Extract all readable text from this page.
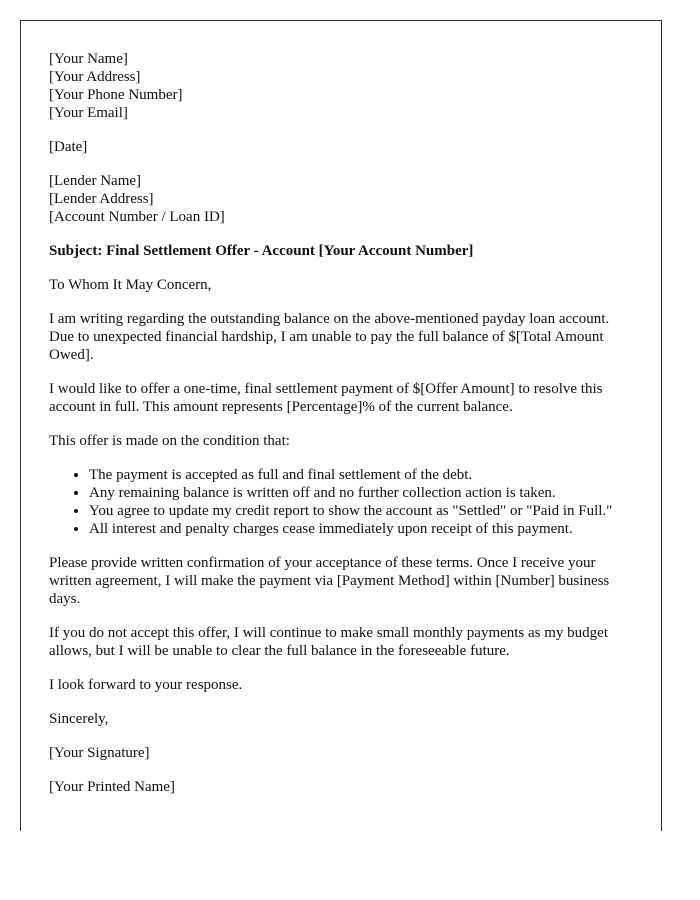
[Your Name]
[Your Address]
[Your Phone Number]
[Your Email]

[Date]

[Lender Name]
[Lender Address]
[Account Number / Loan ID]

Subject: Final Settlement Offer - Account [Your Account Number]

To Whom It May Concern,

I am writing regarding the outstanding balance on the above-mentioned payday loan account. Due to unexpected financial hardship, I am unable to pay the full balance of $[Total Amount Owed].

I would like to offer a one-time, final settlement payment of $[Offer Amount] to resolve this account in full. This amount represents [Percentage]% of the current balance.

This offer is made on the condition that:

• The payment is accepted as full and final settlement of the debt.
• Any remaining balance is written off and no further collection action is taken.
• You agree to update my credit report to show the account as "Settled" or "Paid in Full."
• All interest and penalty charges cease immediately upon receipt of this payment.

Please provide written confirmation of your acceptance of these terms. Once I receive your written agreement, I will make the payment via [Payment Method] within [Number] business days.

If you do not accept this offer, I will continue to make small monthly payments as my budget allows, but I will be unable to clear the full balance in the foreseeable future.

I look forward to your response.

Sincerely,

[Your Signature]

[Your Printed Name]
